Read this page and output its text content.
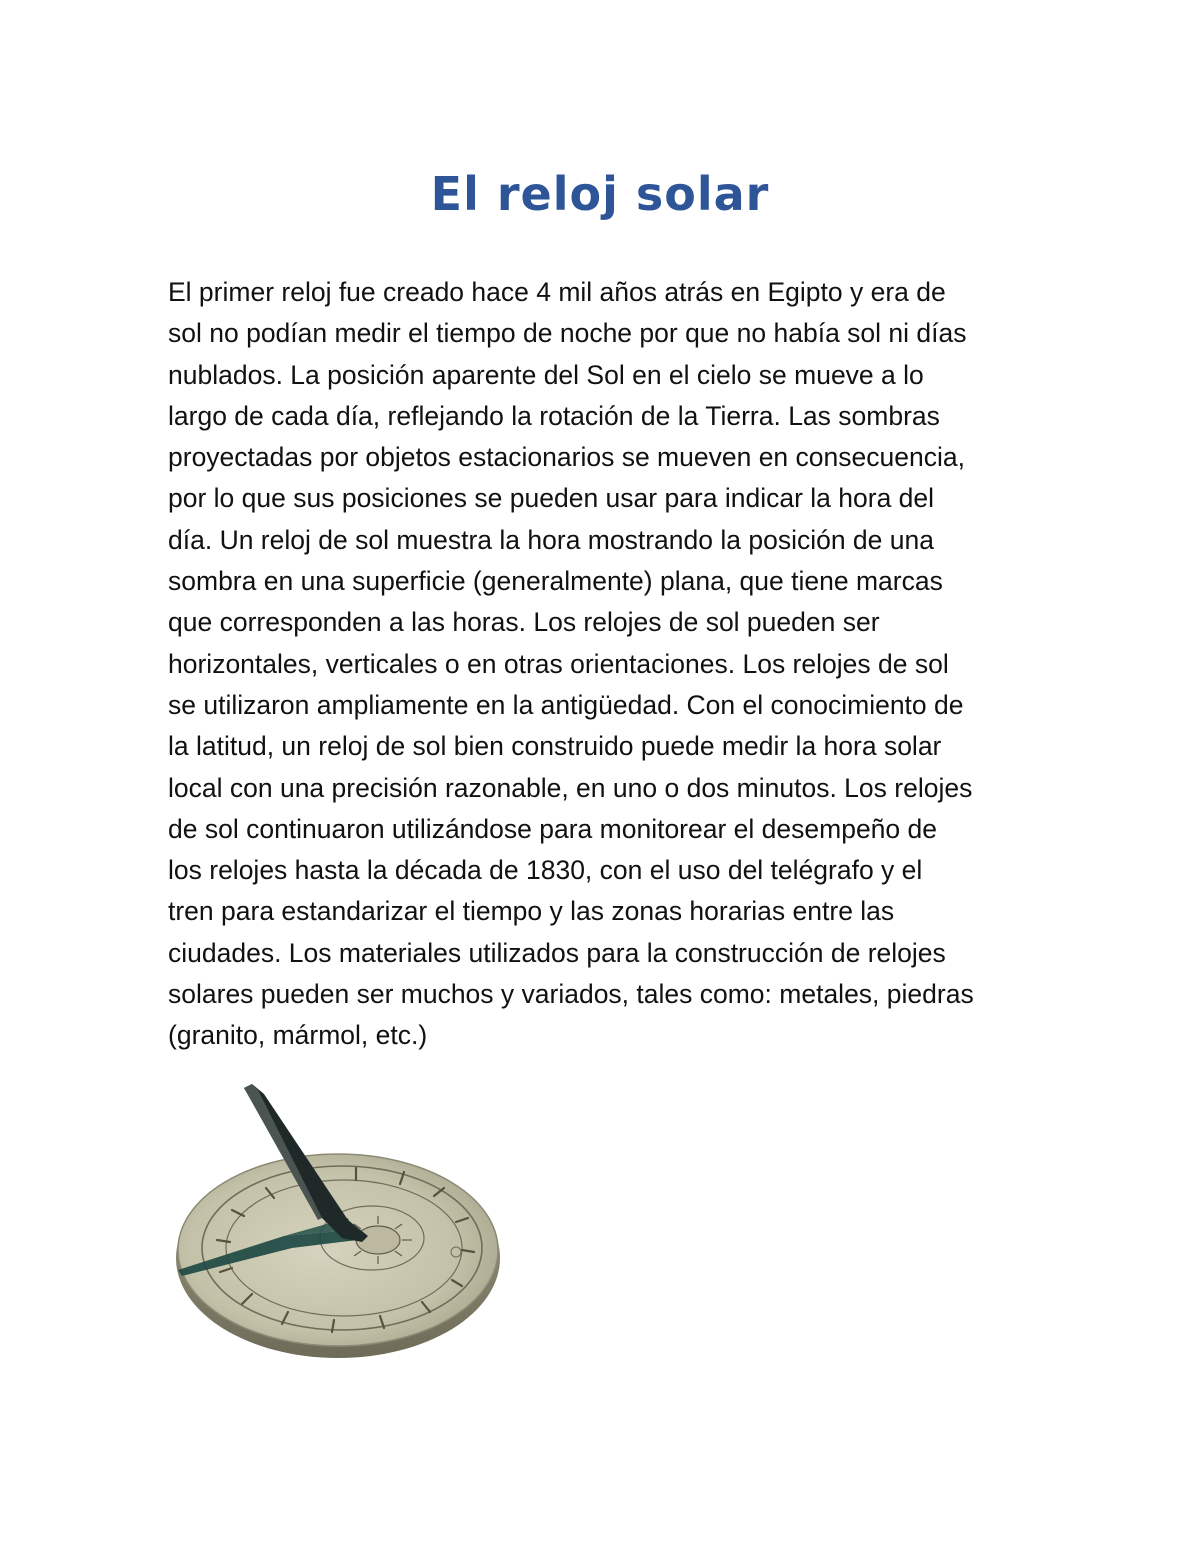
El reloj solar
El primer reloj fue creado hace 4 mil años atrás en Egipto y era de
sol no podían medir el tiempo de noche por que no había sol ni días
nublados. La posición aparente del Sol en el cielo se mueve a lo
largo de cada día, reflejando la rotación de la Tierra. Las sombras
proyectadas por objetos estacionarios se mueven en consecuencia,
por lo que sus posiciones se pueden usar para indicar la hora del
día. Un reloj de sol muestra la hora mostrando la posición de una
sombra en una superficie (generalmente) plana, que tiene marcas
que corresponden a las horas. Los relojes de sol pueden ser
horizontales, verticales o en otras orientaciones. Los relojes de sol
se utilizaron ampliamente en la antigüedad. Con el conocimiento de
la latitud, un reloj de sol bien construido puede medir la hora solar
local con una precisión razonable, en uno o dos minutos. Los relojes
de sol continuaron utilizándose para monitorear el desempeño de
los relojes hasta la década de 1830, con el uso del telégrafo y el
tren para estandarizar el tiempo y las zonas horarias entre las
ciudades. Los materiales utilizados para la construcción de relojes
solares pueden ser muchos y variados, tales como: metales, piedras
(granito, mármol, etc.)
